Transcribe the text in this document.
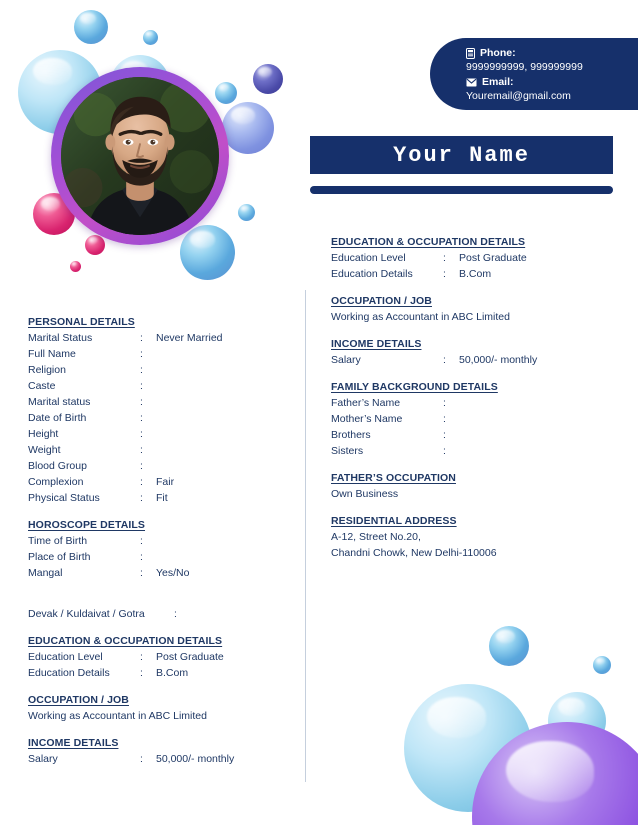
Phone:
9999999999, 999999999
Email:
Youremail@gmail.com
Your Name
PERSONAL DETAILS
Marital Status	:	Never Married
Full Name	:
Religion	:
Caste	:
Marital status	:
Date of Birth	:
Height	:
Weight	:
Blood Group	:
Complexion	:	Fair
Physical Status	:	Fit
HOROSCOPE DETAILS
Time of Birth	:
Place of Birth	:
Mangal	:	Yes/No
Devak / Kuldaivat / Gotra	:
EDUCATION & OCCUPATION DETAILS
Education Level	:	Post Graduate
Education Details	:	B.Com
OCCUPATION / JOB
Working as Accountant in ABC Limited
INCOME DETAILS
Salary	:	50,000/- monthly
EDUCATION & OCCUPATION DETAILS
Education Level	:	Post Graduate
Education Details	:	B.Com
OCCUPATION / JOB
Working as Accountant in ABC Limited
INCOME DETAILS
Salary	:	50,000/- monthly
FAMILY BACKGROUND DETAILS
Father’s Name	:
Mother’s Name	:
Brothers	:
Sisters	:
FATHER’S OCCUPATION
Own Business
RESIDENTIAL ADDRESS
A-12, Street No.20,
Chandni Chowk, New Delhi-110006
